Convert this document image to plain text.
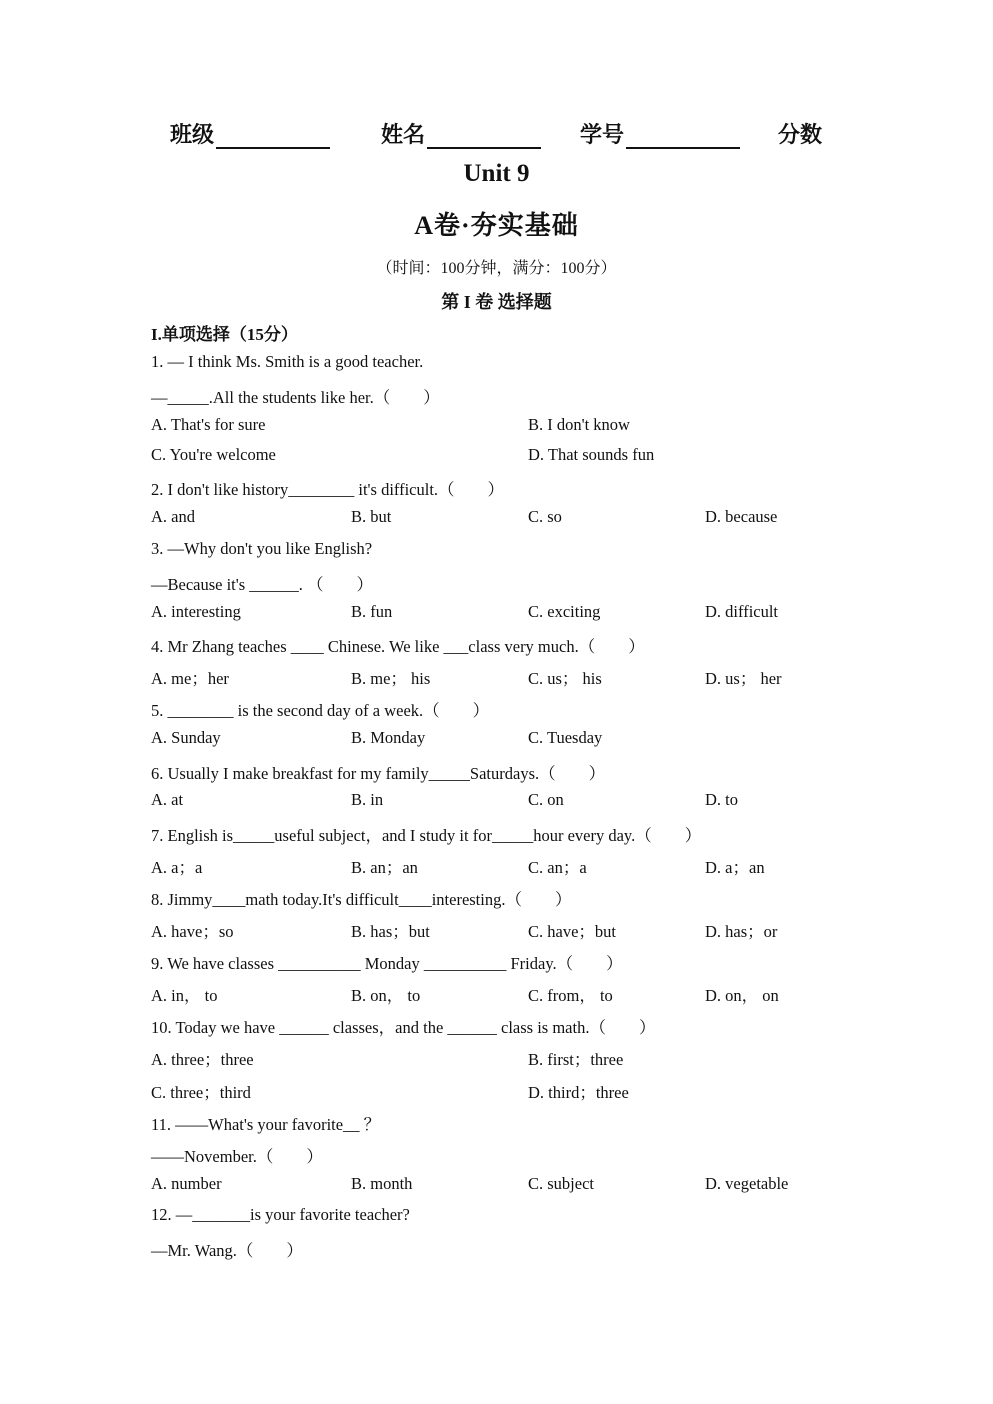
班级	姓名	学号	分数
Unit 9
A卷·夯实基础
（时间：100分钟，满分：100分）
第 I 卷 选择题
I.单项选择（15分）
1. — I think Ms. Smith is a good teacher.
—_____.All the students like her.（　　）
A. That's for sure	B. I don't know
C. You're welcome	D. That sounds fun
2. I don't like history________ it's difficult.（　　）
A. and	B. but	C. so	D. because
3. —Why don't you like English?
—Because it's ______. （　　）
A. interesting	B. fun	C. exciting	D. difficult
4. Mr Zhang teaches ____ Chinese. We like ___class very much.（　　）
A. me；her	B. me； his	C. us； his	D. us； her
5. ________ is the second day of a week.（　　）
A. Sunday	B. Monday	C. Tuesday
6. Usually I make breakfast for my family_____Saturdays.（　　）
A. at	B. in	C. on	D. to
7. English is_____useful subject，and I study it for_____hour every day.（　　）
A. a；a	B. an；an	C. an；a	D. a；an
8. Jimmy____math today.It's difficult____interesting.（　　）
A. have；so	B. has；but	C. have；but	D. has；or
9. We have classes __________ Monday __________ Friday.（　　）
A. in， to	B. on， to	C. from， to	D. on， on
10. Today we have ______ classes，and the ______ class is math.（　　）
A. three；three	B. first；three
C. three；third	D. third；three
11. ——What's your favorite__ ？
——November.（　　）
A. number	B. month	C. subject	D. vegetable
12. —_______is your favorite teacher?
—Mr. Wang.（　　）
